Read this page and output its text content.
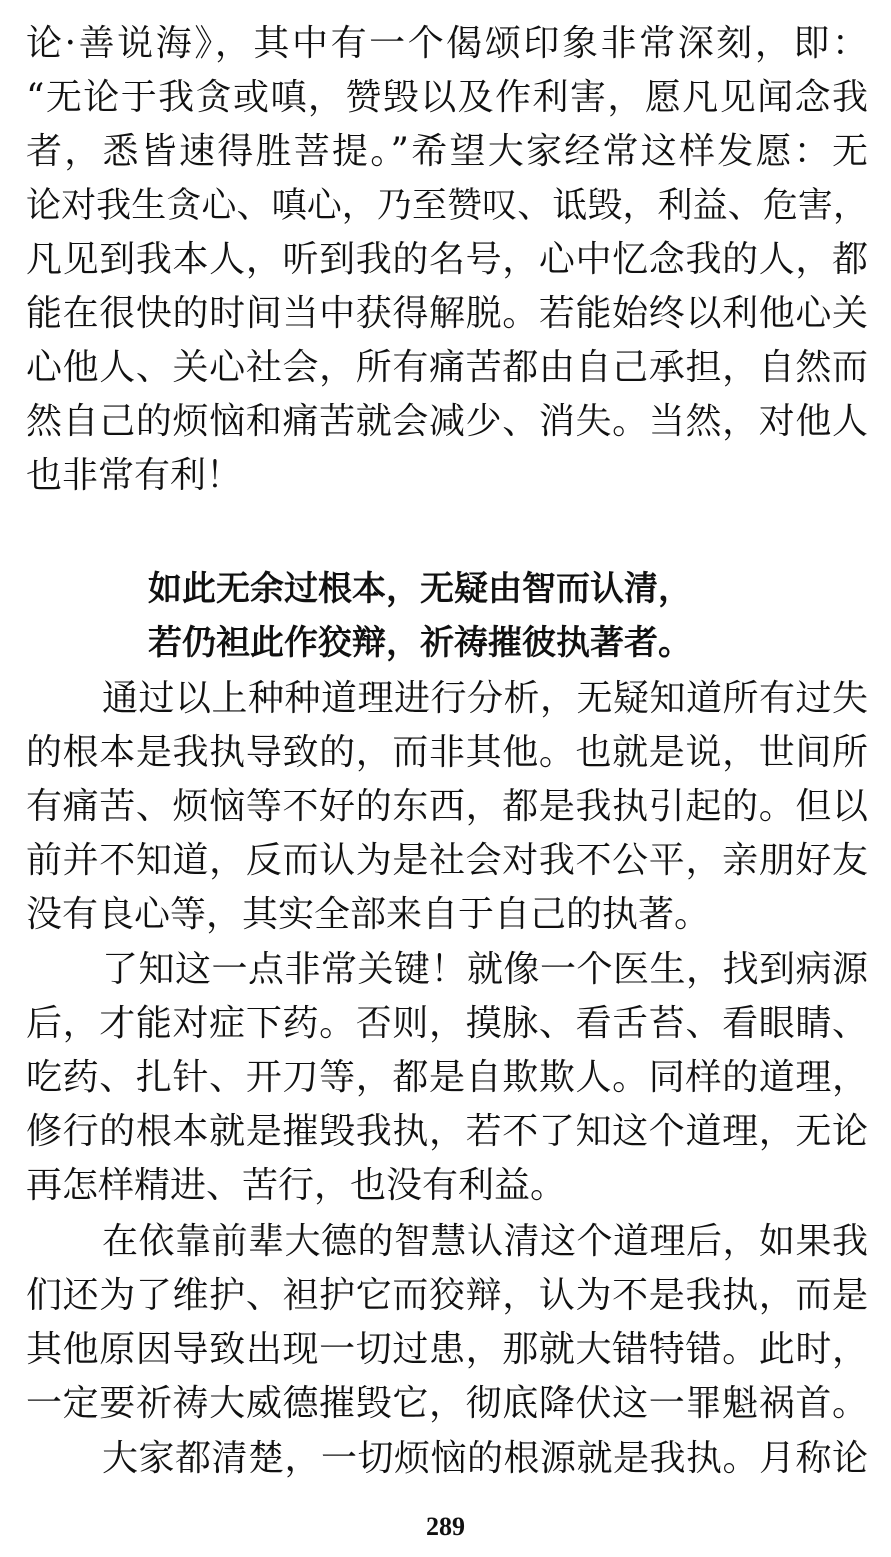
论·善说海》，其中有一个偈颂印象非常深刻，即：
“无论于我贪或嗔，赞毁以及作利害，愿凡见闻念我
者，悉皆速得胜菩提。”希望大家经常这样发愿：无
论对我生贪心、嗔心，乃至赞叹、诋毁，利益、危害，
凡见到我本人，听到我的名号，心中忆念我的人，都
能在很快的时间当中获得解脱。若能始终以利他心关
心他人、关心社会，所有痛苦都由自己承担，自然而
然自己的烦恼和痛苦就会减少、消失。当然，对他人
也非常有利！
如此无余过根本，无疑由智而认清，
若仍袒此作狡辩，祈祷摧彼执著者。
通过以上种种道理进行分析，无疑知道所有过失
的根本是我执导致的，而非其他。也就是说，世间所
有痛苦、烦恼等不好的东西，都是我执引起的。但以
前并不知道，反而认为是社会对我不公平，亲朋好友
没有良心等，其实全部来自于自己的执著。
了知这一点非常关键！就像一个医生，找到病源
后，才能对症下药。否则，摸脉、看舌苔、看眼睛、
吃药、扎针、开刀等，都是自欺欺人。同样的道理，
修行的根本就是摧毁我执，若不了知这个道理，无论
再怎样精进、苦行，也没有利益。
在依靠前辈大德的智慧认清这个道理后，如果我
们还为了维护、袒护它而狡辩，认为不是我执，而是
其他原因导致出现一切过患，那就大错特错。此时，
一定要祈祷大威德摧毁它，彻底降伏这一罪魁祸首。
大家都清楚，一切烦恼的根源就是我执。月称论
289
